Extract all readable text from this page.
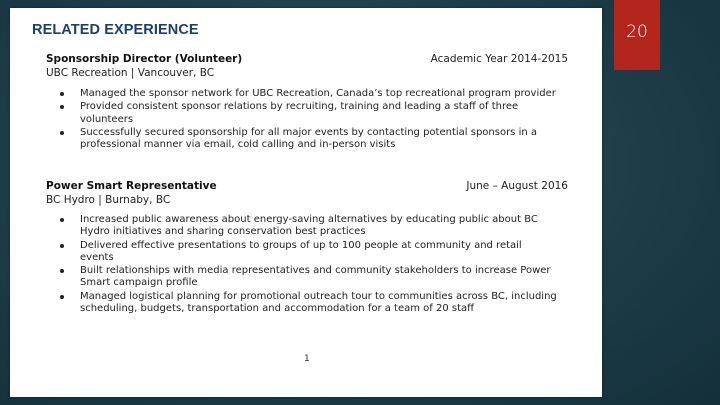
20
RELATED EXPERIENCE
Sponsorship Director (Volunteer)	Academic Year 2014-2015
UBC Recreation | Vancouver, BC
Managed the sponsor network for UBC Recreation, Canada’s top recreational program provider
Provided consistent sponsor relations by recruiting, training and leading a staff of three volunteers
Successfully secured sponsorship for all major events by contacting potential sponsors in a professional manner via email, cold calling and in-person visits
Power Smart Representative	June – August 2016
BC Hydro | Burnaby, BC
Increased public awareness about energy-saving alternatives by educating public about BC Hydro initiatives and sharing conservation best practices
Delivered effective presentations to groups of up to 100 people at community and retail events
Built relationships with media representatives and community stakeholders to increase Power Smart campaign profile
Managed logistical planning for promotional outreach tour to communities across BC, including scheduling, budgets, transportation and accommodation for a team of 20 staff
1
